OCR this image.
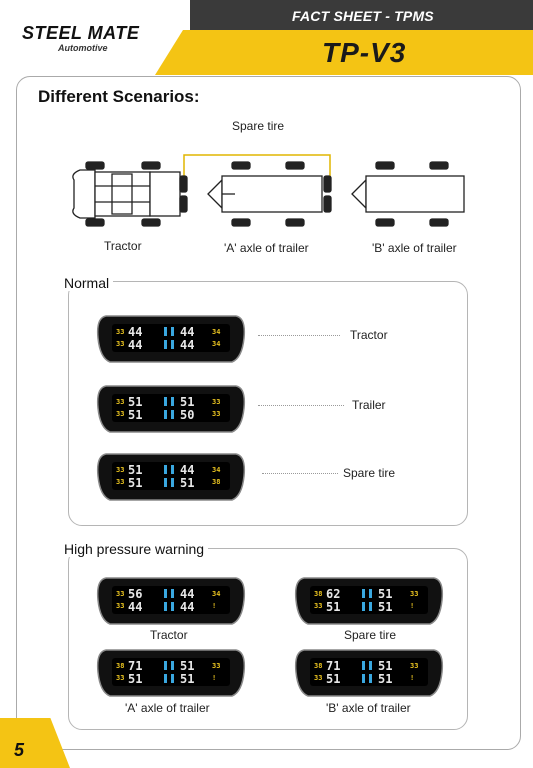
FACT SHEET - TPMS
TP-V3
STEEL MATE
Automotive
Different Scenarios:
Spare tire
Tractor	'A' axle of trailer	'B' axle of trailer
Normal
33
33
34
34
44
44
44
44
Tractor
33
33
33
33
51
51
51
50
Trailer
33
33
34
38
51
51
44
51
Spare tire
High pressure warning
33
33
34
!
56
44
44
44
Tractor
38
33
33
!
62
51
51
51
Spare tire
38
33
33
!
71
51
51
51
'A' axle of trailer
38
33
33
!
71
51
51
51
'B' axle of trailer
5
